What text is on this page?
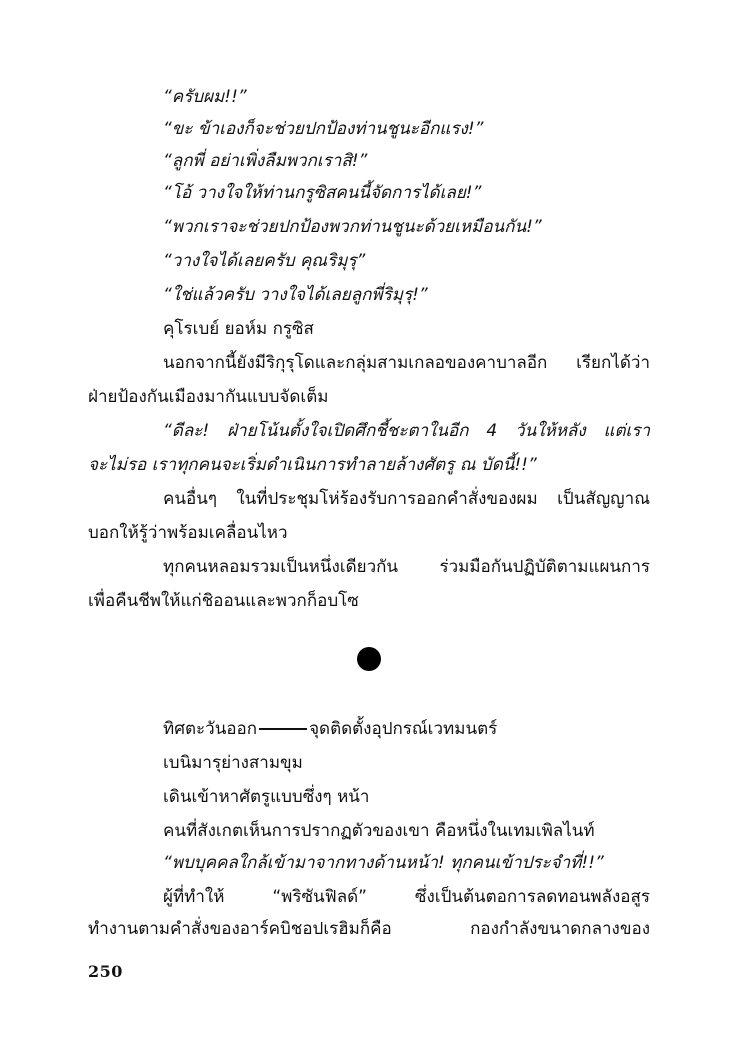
“ครับผม!!”
“ขะ ข้าเองก็จะช่วยปกป้องท่านชูนะอีกแรง!”
“ลูกพี่ อย่าเพิ่งลืมพวกเราสิ!”
“โอ้ วางใจให้ท่านกรูซิสคนนี้จัดการได้เลย!”
“พวกเราจะช่วยปกป้องพวกท่านชูนะด้วยเหมือนกัน!”
“วางใจได้เลยครับ คุณริมุรุ”
“ใช่แล้วครับ วางใจได้เลยลูกพี่ริมุรุ!”
คุโรเบย์ ยอห์ม กรูซิส
นอกจากนี้ยังมีริกุรุโดและกลุ่มสามเกลอของคาบาลอีก เรียกได้ว่า
ฝ่ายป้องกันเมืองมากันแบบจัดเต็ม
“ดีละ! ฝ่ายโน้นตั้งใจเปิดศึกชี้ชะตาในอีก 4 วันให้หลัง แต่เรา
จะไม่รอ เราทุกคนจะเริ่มดำเนินการทำลายล้างศัตรู ณ บัดนี้!!”
คนอื่นๆ ในที่ประชุมโห่ร้องรับการออกคำสั่งของผม เป็นสัญญาณ
บอกให้รู้ว่าพร้อมเคลื่อนไหว
ทุกคนหลอมรวมเป็นหนึ่งเดียวกัน ร่วมมือกันปฏิบัติตามแผนการ
เพื่อคืนชีพให้แก่ชิออนและพวกก็อบโซ
ทิศตะวันออก	จุดติดตั้งอุปกรณ์เวทมนตร์
เบนิมารุย่างสามขุม
เดินเข้าหาศัตรูแบบซึ่งๆ หน้า
คนที่สังเกตเห็นการปรากฏตัวของเขา คือหนึ่งในเทมเพิลไนท์
“พบบุคคลใกล้เข้ามาจากทางด้านหน้า! ทุกคนเข้าประจำที่!!”
ผู้ที่ทำให้ “พริซันฟิลด์” ซึ่งเป็นต้นตอการลดทอนพลังอสูร
ทำงานตามคำสั่งของอาร์คบิชอปเรฮิมก็คือ กองกำลังขนาดกลางของ
250
